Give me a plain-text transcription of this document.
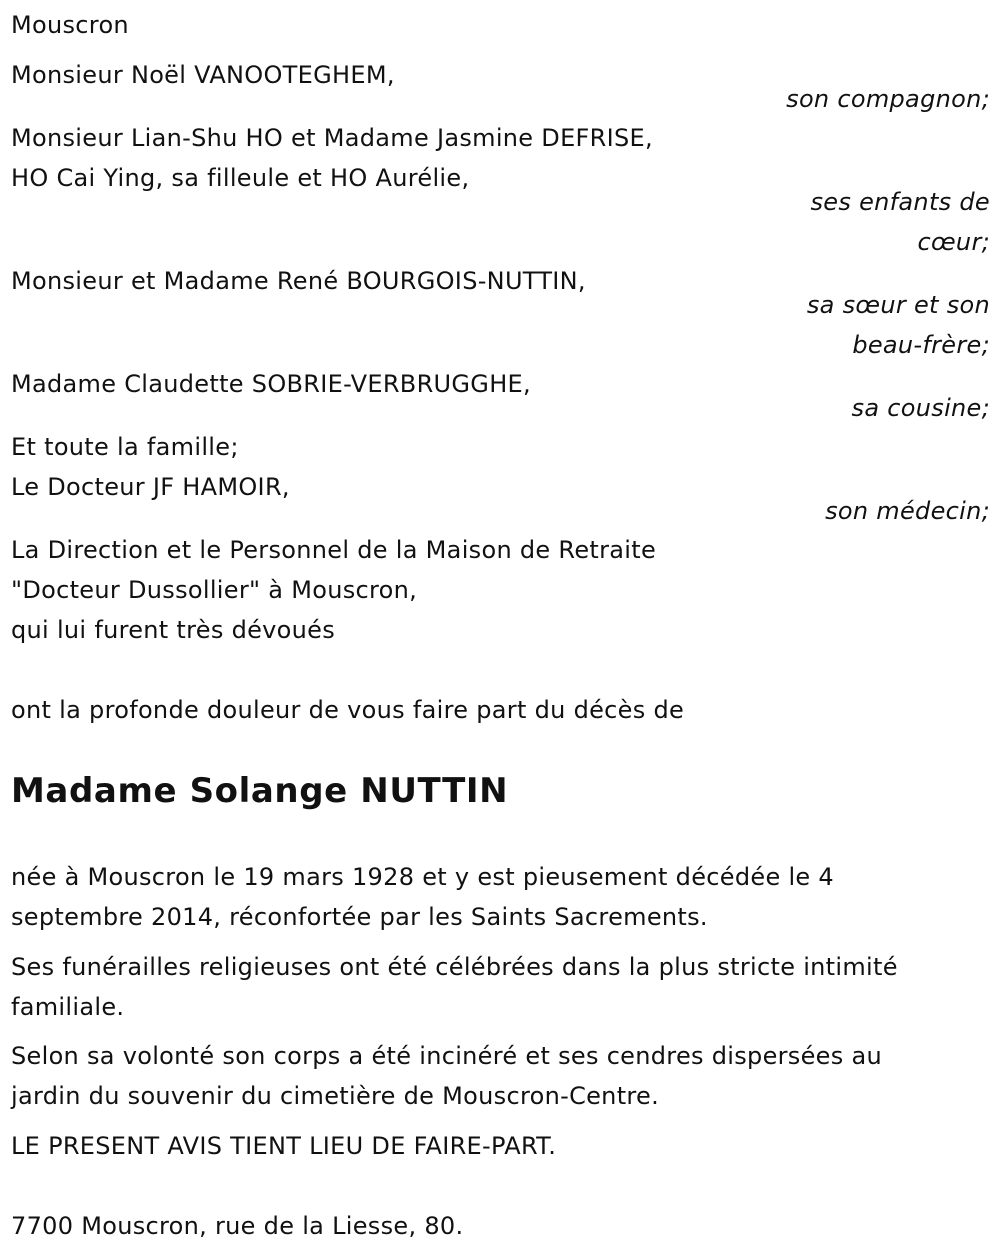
Mouscron
Monsieur Noël VANOOTEGHEM,
son compagnon;
Monsieur Lian-Shu HO et Madame Jasmine DEFRISE,
HO Cai Ying, sa filleule et HO Aurélie,
ses enfants de
cœur;
Monsieur et Madame René BOURGOIS-NUTTIN,
sa sœur et son
beau-frère;
Madame Claudette SOBRIE-VERBRUGGHE,
sa cousine;
Et toute la famille;
Le Docteur JF HAMOIR,
son médecin;
La Direction et le Personnel de la Maison de Retraite
"Docteur Dussollier" à Mouscron,
qui lui furent très dévoués
ont la profonde douleur de vous faire part du décès de
Madame Solange NUTTIN
née à Mouscron le 19 mars 1928 et y est pieusement décédée le 4
septembre 2014, réconfortée par les Saints Sacrements.
Ses funérailles religieuses ont été célébrées dans la plus stricte intimité
familiale.
Selon sa volonté son corps a été incinéré et ses cendres dispersées au
jardin du souvenir du cimetière de Mouscron-Centre.
LE PRESENT AVIS TIENT LIEU DE FAIRE-PART.
7700 Mouscron, rue de la Liesse, 80.
